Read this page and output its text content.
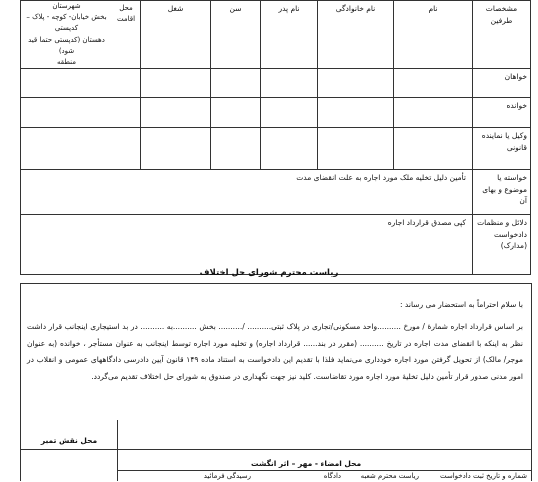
مشخصات طرفین	نام	نام خانوادگی	نام پدر	سن	شغل	محل اقامت
شهرستان
بخش خیابان- کوچه - پلاک – کدپستی
دهستان (کدپستی حتما قید شود)
منطقه

خواهان						
خوانده						
وکیل یا نماینده قانونی						
خواسته یا موضوع و بهای آن	تأمین دلیل تخلیه ملک مورد اجاره به علت انقضای مدت					
دلائل و منظمات دادخواست (مدارک)	کپی مصدق قرارداد اجاره					
ریاست محترم شورای حل اختلاف
با سلام احتراماً به استحضار می رساند :
بر اساس قرارداد اجاره شمارهٔ / مورخ ..........واحد مسکونی/تجاری در پلاک ثبتی.......... /.......... بخش ..........به .......... در بد استیجاری اینجانب قرار داشت نظر به اینکه با انقضای مدت اجاره در تاریخ .......... (مقرر در بند...... قرارداد اجاره) و تخلیه مورد اجاره توسط اینجانب به عنوان مستأجر ، خوانده (به عنوان موجر/ مالک) از تحویل گرفتن مورد اجاره خودداری می‌نماید فلذا با تقدیم این دادخواست به استناد ماده ۱۴۹ قانون آیین دادرسی دادگاههای عمومی و انقلاب در امور مدنی صدور قرار تأمین دلیل تخلیهٔ مورد اجاره مورد تقاضاست. کلید نیز جهت نگهداری در صندوق به شورای حل اختلاف تقدیم می‌گردد.
محل نقش تمبر
محل امضاء - مهر – اثر انگشت
شماره و تاریخ ثبت دادخواست
ریاست محترم شعبه
دادگاه
رسیدگی فرمائید
